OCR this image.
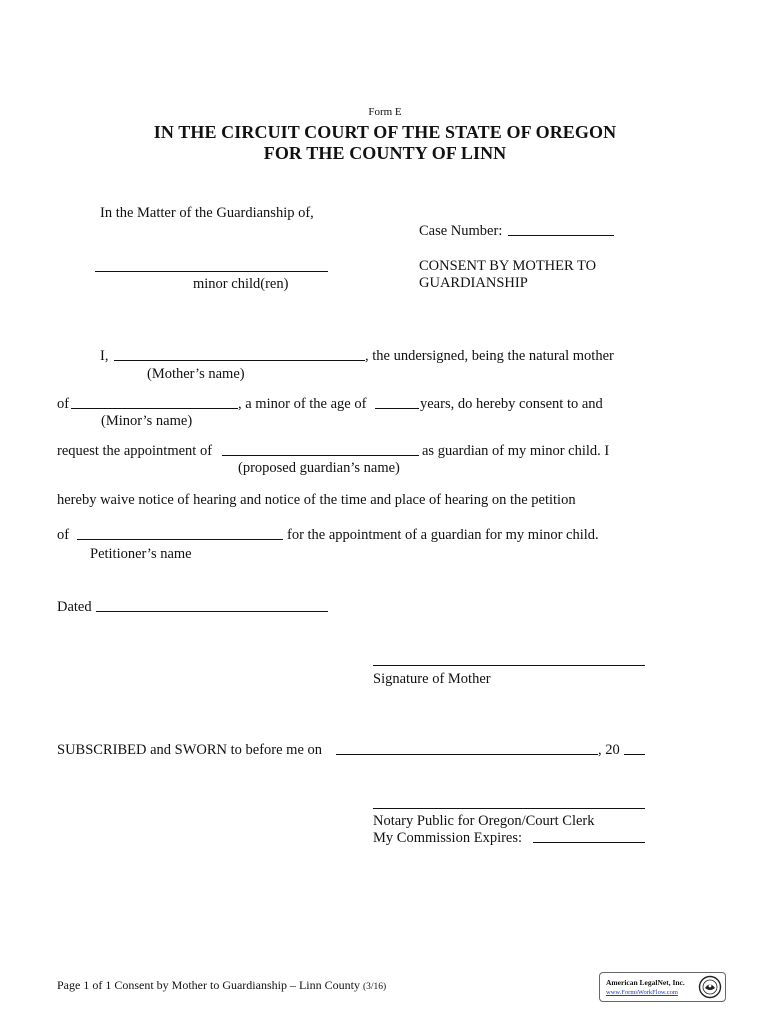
Form E
IN THE CIRCUIT COURT OF THE STATE OF OREGON
FOR THE COUNTY OF LINN
In the Matter of the Guardianship of,
Case Number:
minor child(ren)
CONSENT BY MOTHER TO
GUARDIANSHIP
I,	, the undersigned, being the natural mother
(Mother’s name)
of	, a minor of the age of	years, do hereby consent to and
(Minor’s name)
request the appointment of	as guardian of my minor child. I
(proposed guardian’s name)
hereby waive notice of hearing and notice of the time and place of hearing on the petition
of	for the appointment of a guardian for my minor child.
Petitioner’s name
Dated
Signature of Mother
SUBSCRIBED and SWORN to before me on	, 20
Notary Public for Oregon/Court Clerk
My Commission Expires:
Page 1 of 1 Consent by Mother to Guardianship – Linn County (3/16)	American LegalNet, Inc.
www.FormsWorkFlow.com
